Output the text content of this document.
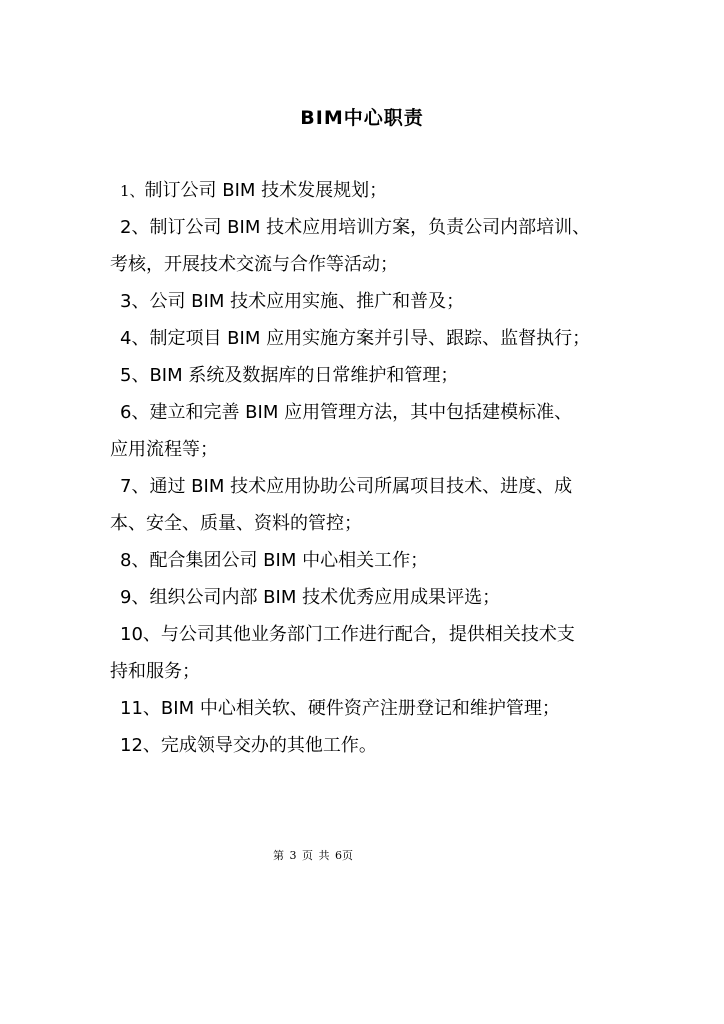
BIM中心职责
1、制订公司 BIM 技术发展规划；
2、制订公司 BIM 技术应用培训方案，负责公司内部培训、
考核，开展技术交流与合作等活动；
3、公司 BIM 技术应用实施、推广和普及；
4、制定项目 BIM 应用实施方案并引导、跟踪、监督执行；
5、BIM 系统及数据库的日常维护和管理；
6、建立和完善 BIM 应用管理方法，其中包括建模标准、
应用流程等；
7、通过 BIM 技术应用协助公司所属项目技术、进度、成
本、安全、质量、资料的管控；
8、配合集团公司 BIM 中心相关工作；
9、组织公司内部 BIM 技术优秀应用成果评选；
10、与公司其他业务部门工作进行配合，提供相关技术支
持和服务；
11、BIM 中心相关软、硬件资产注册登记和维护管理；
12、完成领导交办的其他工作。
第 3 页 共 6页
